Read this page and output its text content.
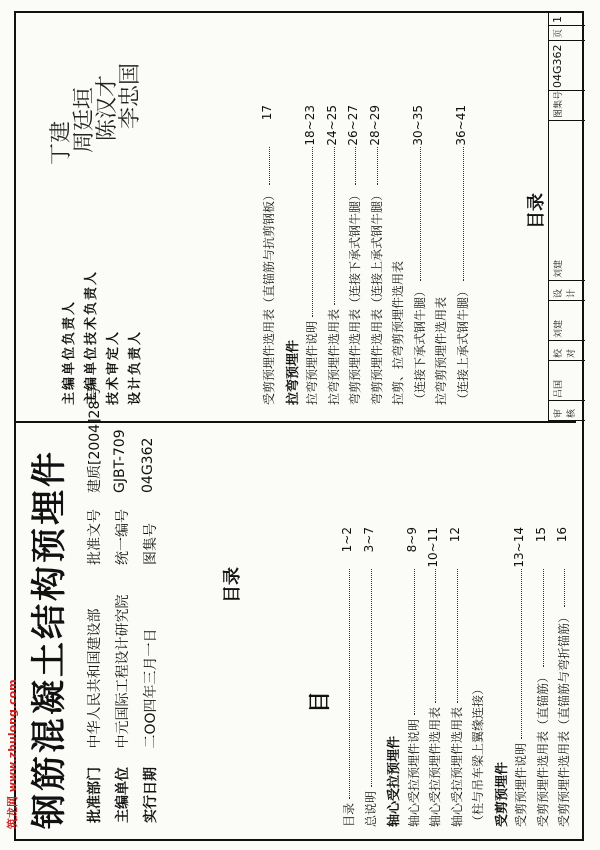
钢筋混凝土结构预埋件 批准部门 中华人民共和国建设部
批准文号
建质[2004]28号
主编单位 中元国际工程设计研究院
统一编号
GJBT-709
实行日期 二OO四年三月一日
图集号
04G362
目录
目
目录
1~2
总说明
3~7
轴心受拉预埋件 轴心受拉预埋件说明
8~9
轴心受拉预埋件选用表
10~11
轴心受拉预埋件选用表
12
（柱与吊车梁上翼缘连接） 受剪预埋件 受剪预埋件说明
13~14
受剪预埋件选用表（直锚筋）
15
受剪预埋件选用表（直锚筋与弯折锚筋）
16
受剪预埋件选用表（直锚筋与抗剪钢板）
17
拉弯预埋件 拉弯预埋件说明
18~23
拉弯预埋件选用表
24~25
弯剪预埋件选用表（连接下承式钢牛腿）
26~27
弯剪预埋件选用表（连接上承式钢牛腿）
28~29
拉剪、拉弯剪预埋件选用表 （连接下承式钢牛腿）
30~35
拉弯剪预埋件选用表 （连接上承式钢牛腿）
36~41
主编单位负责人
丁建
主编单位技术负责人
周廷垣
技术审定人
陈汉才
设计负责人
李忠国
目录
审核
吕国
校对
刘建
设计
刘建
图集号
04G362
页
1
筑龙网 www.zhulong.com
